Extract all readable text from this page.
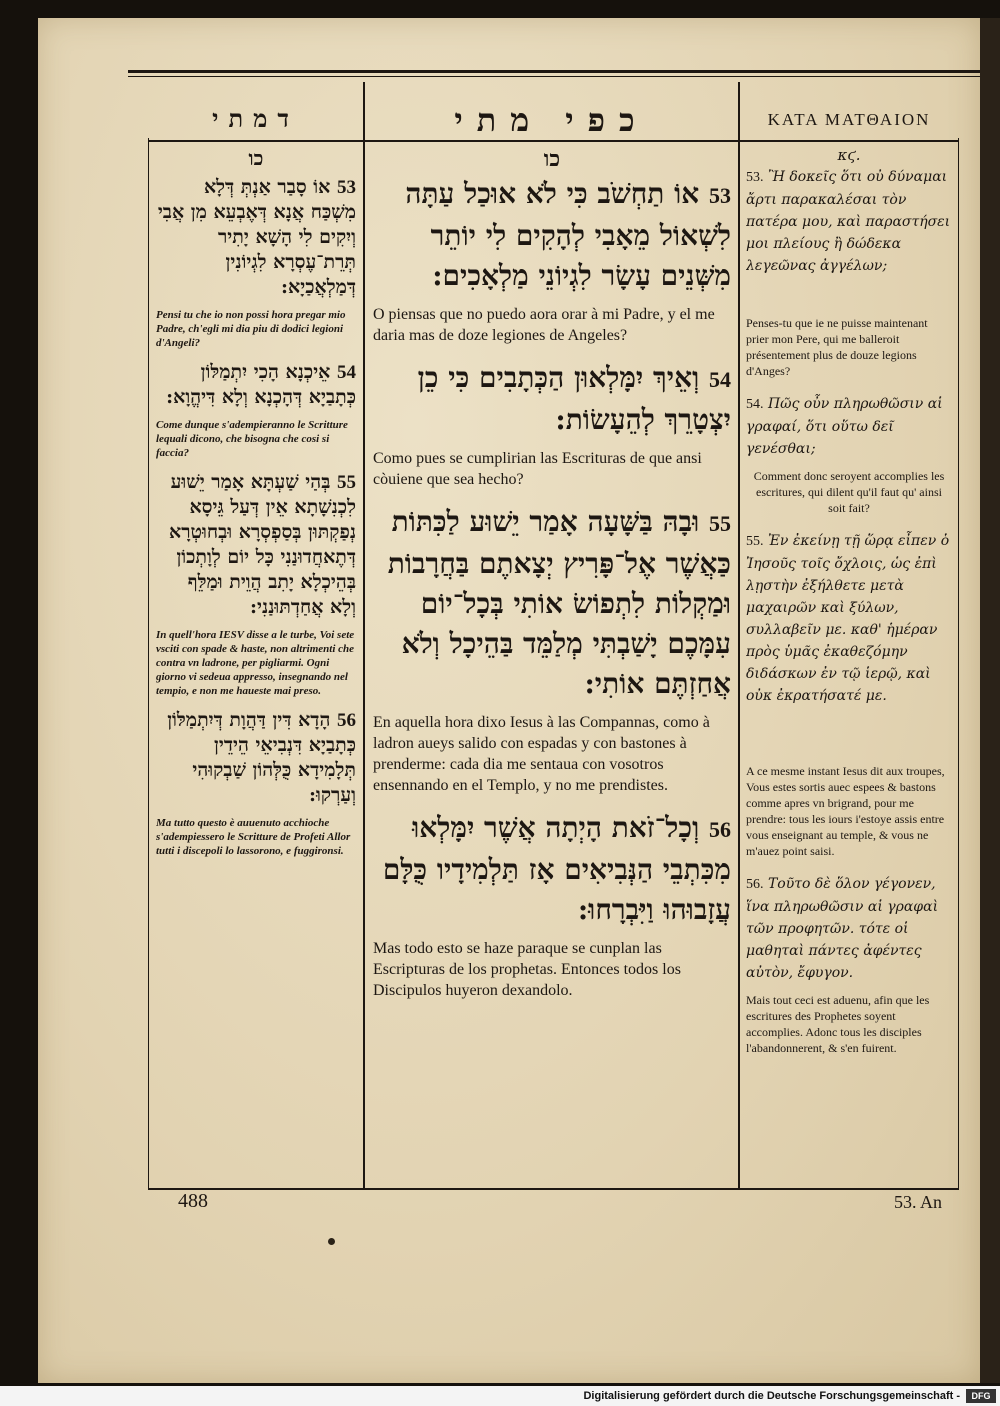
דמתי	כפי מתי	ΚΑΤΑ ΜΑΤΘΑΙΟΝ
כו

53 אוֹ סָבַר אַנְתְּ דְּלָא מִשְׁכַּח אֲנָא דְּאֶבְעֵא מִן אֲבִי וְיִקִים לִי הָשָׁא יָתִיר תְּרֵת־עֶסְרָא לִגְיוֹנִין דְּמַלְאֲכַיָא:

Pensi tu che io non possi hora pregar mio Padre, ch'egli mi dia piu di dodici legioni d'Angeli?

54 אֵיכְנָא הָכִי יִתְמַלּוֹן כְּתָבַיָא דְּהָכְנָא וְלָא דִּיהֱוָא:

Come dunque s'adempieranno le Scritture lequali dicono, che bisogna che cosi si faccia?

55 בְּהַי שַׁעְתָּא אָמַר יֵשׁוּע לִכְנִשָׁתָא אֵין דְּעַל גֵּיסָא נְפַקְתּוּן בְּסַפְסְרָא וּבְחוּטְרָא דְּתֶאחֲדוּנַנִי כָּל יוֹם לְוָתְכוֹן בְּהֵיכְלָא יָתִב הֲוֵית וּמַלֵּף וְלָא אֲחַדְתּוּנַנִי:

In quell'hora IESV disse a le turbe, Voi sete vsciti con spade & haste, non altrimenti che contra vn ladrone, per pigliarmi. Ogni giorno vi sedeua appresso, insegnando nel tempio, e non me haueste mai preso.

56 הָדָא דִּין דַּהֲוָת דְּיִתְמַלּוֹן כְּתָבַיָא דִּנְבִיאֵי הֵידֵין תְּלָמִידָא כֻּלְּהוֹן שַׁבְקוּהִי וְעַרְקוּ:

Ma tutto questo è auuenuto acchioche s'adempiessero le Scritture de Profeti Allor tutti i discepoli lo lassorono, e fuggironsi.

כו

53 אוֹ תַחְשֹׁב כִּי לֹא אוּכַל עַתָּה לִשְׁאוֹל מֵאָבִי לְהָקִים לִי יוֹתֵר מִשְּׁנֵים עָשָׂר לִגְיוֹנֵי מַלְאָכִים:

O piensas que no puedo aora orar à mi Padre, y el me daria mas de doze legiones de Angeles?

54 וְאֵיךְ יִמָּלְאוּן הַכְּתָבִים כִּי כֵן יִצְטָרֵךְ לְהֵעָשׂוֹת:

Como pues se cumplirian las Escrituras de que ansi còuiene que sea hecho?

55 וּבָהּ בַּשָּׁעָה אָמַר יֵשׁוּע לַכִּתּוֹת כַּאֲשֶׁר אֶל־פָּרִיץ יְצָאתֶם בַּחֲרָבוֹת וּמַקְלוֹת לִתְפוֹשׂ אוֹתִי בְּכָל־יוֹם עִמָּכֶם יָשַׁבְתִּי מְלַמֵּד בַּהֵיכָל וְלֹא אֲחַזְתֶּם אוֹתִי:

En aquella hora dixo Iesus à las Compannas, como à ladron aueys salido con espadas y con bastones à prenderme: cada dia me sentaua con vosotros ensennando en el Templo, y no me prendistes.

56 וְכָל־זֹאת הָיְתָה אֲשֶׁר יִמָּלְאוּ מִכִּתְבֵי הַנְּבִיאִים אָז תַּלְמִידָיו כֻּלָּם עֲזָבוּהוּ וַיִּבְרָחוּ:

Mas todo esto se haze paraque se cunplan las Escripturas de los prophetas. Entonces todos los Discipulos huyeron dexandolo.

κϛ.

53. Ἢ δοκεῖς ὅτι οὐ δύναμαι ἄρτι παρακαλέσαι τὸν πατέρα μου, καὶ παραστήσει μοι πλείους ἢ δώδεκα λεγεῶνας ἀγγέλων;

Penses-tu que ie ne puisse maintenant prier mon Pere, qui me balleroit présentement plus de douze legions d'Anges?

54. Πῶς οὖν πληρωθῶσιν αἱ γραφαί, ὅτι οὕτω δεῖ γενέσθαι;

Comment donc seroyent accomplies les escritures, qui dilent qu'il faut qu' ainsi soit fait?

55. Ἐν ἐκείνῃ τῇ ὥρᾳ εἶπεν ὁ Ἰησοῦς τοῖς ὄχλοις, ὡς ἐπὶ λῃστὴν ἐξήλθετε μετὰ μαχαιρῶν καὶ ξύλων, συλλαβεῖν με. καθ' ἡμέραν πρὸς ὑμᾶς ἐκαθεζόμην διδάσκων ἐν τῷ ἱερῷ, καὶ οὐκ ἐκρατήσατέ με.

A ce mesme instant Iesus dit aux troupes, Vous estes sortis auec espees & bastons comme apres vn brigrand, pour me prendre: tous les iours i'estoye assis entre vous enseignant au temple, & vous ne m'auez point saisi.

56. Τοῦτο δὲ ὅλον γέγονεν, ἵνα πληρωθῶσιν αἱ γραφαὶ τῶν προφητῶν. τότε οἱ μαθηταὶ πάντες ἀφέντες αὐτὸν, ἔφυγον.

Mais tout ceci est aduenu, afin que les escritures des Prophetes soyent accomplies. Adonc tous les disciples l'abandonnerent, & s'en fuirent.

488	53. An
Digitalisierung gefördert durch die Deutsche Forschungsgemeinschaft -	DFG
